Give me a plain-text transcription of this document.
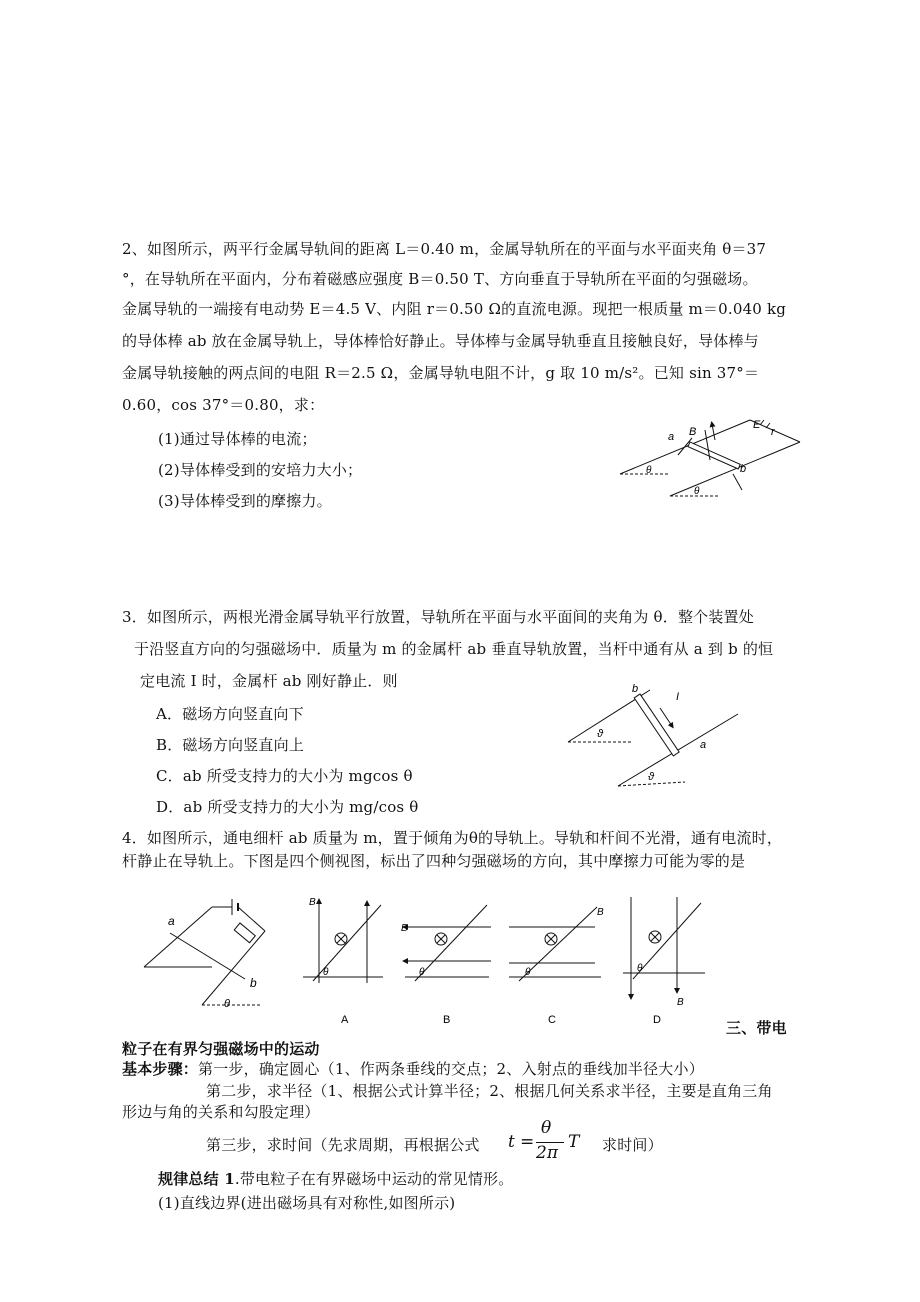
2、如图所示，两平行金属导轨间的距离 L＝0.40 m，金属导轨所在的平面与水平面夹角 θ＝37
°，在导轨所在平面内，分布着磁感应强度 B＝0.50 T、方向垂直于导轨所在平面的匀强磁场。
金属导轨的一端接有电动势 E＝4.5 V、内阻 r＝0.50 Ω的直流电源。现把一根质量 m＝0.040 kg
的导体棒 ab 放在金属导轨上，导体棒恰好静止。导体棒与金属导轨垂直且接触良好，导体棒与
金属导轨接触的两点间的电阻 R＝2.5 Ω，金属导轨电阻不计，g 取 10 m/s²。已知 sin 37°＝
0.60，cos 37°＝0.80，求：
(1)通过导体棒的电流；
(2)导体棒受到的安培力大小；
(3)导体棒受到的摩擦力。
a B
E
r
b
θ
θ
3．如图所示，两根光滑金属导轨平行放置，导轨所在平面与水平面间的夹角为 θ．整个装置处
于沿竖直方向的匀强磁场中．质量为 m 的金属杆 ab 垂直导轨放置，当杆中通有从 a 到 b 的恒
定电流 I 时，金属杆 ab 刚好静止．则
A．磁场方向竖直向下
B．磁场方向竖直向上
C．ab 所受支持力的大小为 mgcos θ
D．ab 所受支持力的大小为 mg/cos θ
b
I
a
ϑ
ϑ
4．如图所示，通电细杆 ab 质量为 m，置于倾角为θ的导轨上。导轨和杆间不光滑，通有电流时，
杆静止在导轨上。下图是四个侧视图，标出了四种匀强磁场的方向，其中摩擦力可能为零的是
a
b
θ
B
θ
A
B
θ
B
B
θ
C
B
θ
D	三、带电
粒子在有界匀强磁场中的运动
基本步骤：第一步，确定圆心（1、作两条垂线的交点；2、入射点的垂线加半径大小）
第二步，求半径（1、根据公式计算半径；2、根据几何关系求半径，主要是直角三角
形边与角的关系和勾股定理）
第三步，求时间（先求周期，再根据公式 t =
θ
2π
T 求时间）
规律总结 1.带电粒子在有界磁场中运动的常见情形。
(1)直线边界(进出磁场具有对称性,如图所示)
